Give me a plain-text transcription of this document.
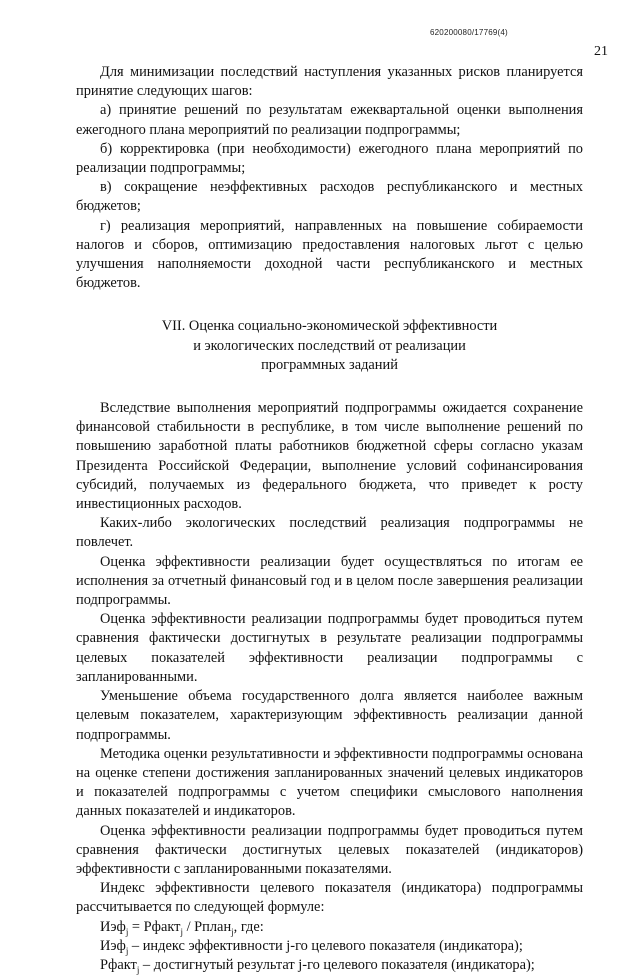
620200080/17769(4)
21

Для минимизации последствий наступления указанных рисков планируется принятие следующих шагов:

а) принятие решений по результатам ежеквартальной оценки выполнения ежегодного плана мероприятий по реализации подпрограммы;

б) корректировка (при необходимости) ежегодного плана мероприятий по реализации подпрограммы;

в) сокращение неэффективных расходов республиканского и местных бюджетов;

г) реализация мероприятий, направленных на повышение собираемости налогов и сборов, оптимизацию предоставления налоговых льгот с целью улучшения наполняемости доходной части республиканского и местных бюджетов.

VII. Оценка социально-экономической эффективности
и экологических последствий от реализации
программных заданий

Вследствие выполнения мероприятий подпрограммы ожидается сохранение финансовой стабильности в республике, в том числе выполнение решений по повышению заработной платы работников бюджетной сферы согласно указам Президента Российской Федерации, выполнение условий софинансирования субсидий, получаемых из федерального бюджета, что приведет к росту инвестиционных расходов.

Каких-либо экологических последствий реализация подпрограммы не повлечет.

Оценка эффективности реализации будет осуществляться по итогам ее исполнения за отчетный финансовый год и в целом после завершения реализации подпрограммы.

Оценка эффективности реализации подпрограммы будет проводиться путем сравнения фактически достигнутых в результате реализации подпрограммы целевых показателей эффективности реализации подпрограммы с запланированными.

Уменьшение объема государственного долга является наиболее важным целевым показателем, характеризующим эффективность реализации данной подпрограммы.

Методика оценки результативности и эффективности подпрограммы основана на оценке степени достижения запланированных значений целевых индикаторов и показателей подпрограммы с учетом специфики смыслового наполнения данных показателей и индикаторов.

Оценка эффективности реализации подпрограммы будет проводиться путем сравнения фактически достигнутых целевых показателей (индикаторов) эффективности с запланированными показателями.

Индекс эффективности целевого показателя (индикатора) подпрограммы рассчитывается по следующей формуле:

Иэф$_j$ = Рфакт$_j$ / Рплан$_j$, где:

Иэф$_j$ – индекс эффективности j-го целевого показателя (индикатора);

Рфакт$_j$ – достигнутый результат j-го целевого показателя (индикатора);
